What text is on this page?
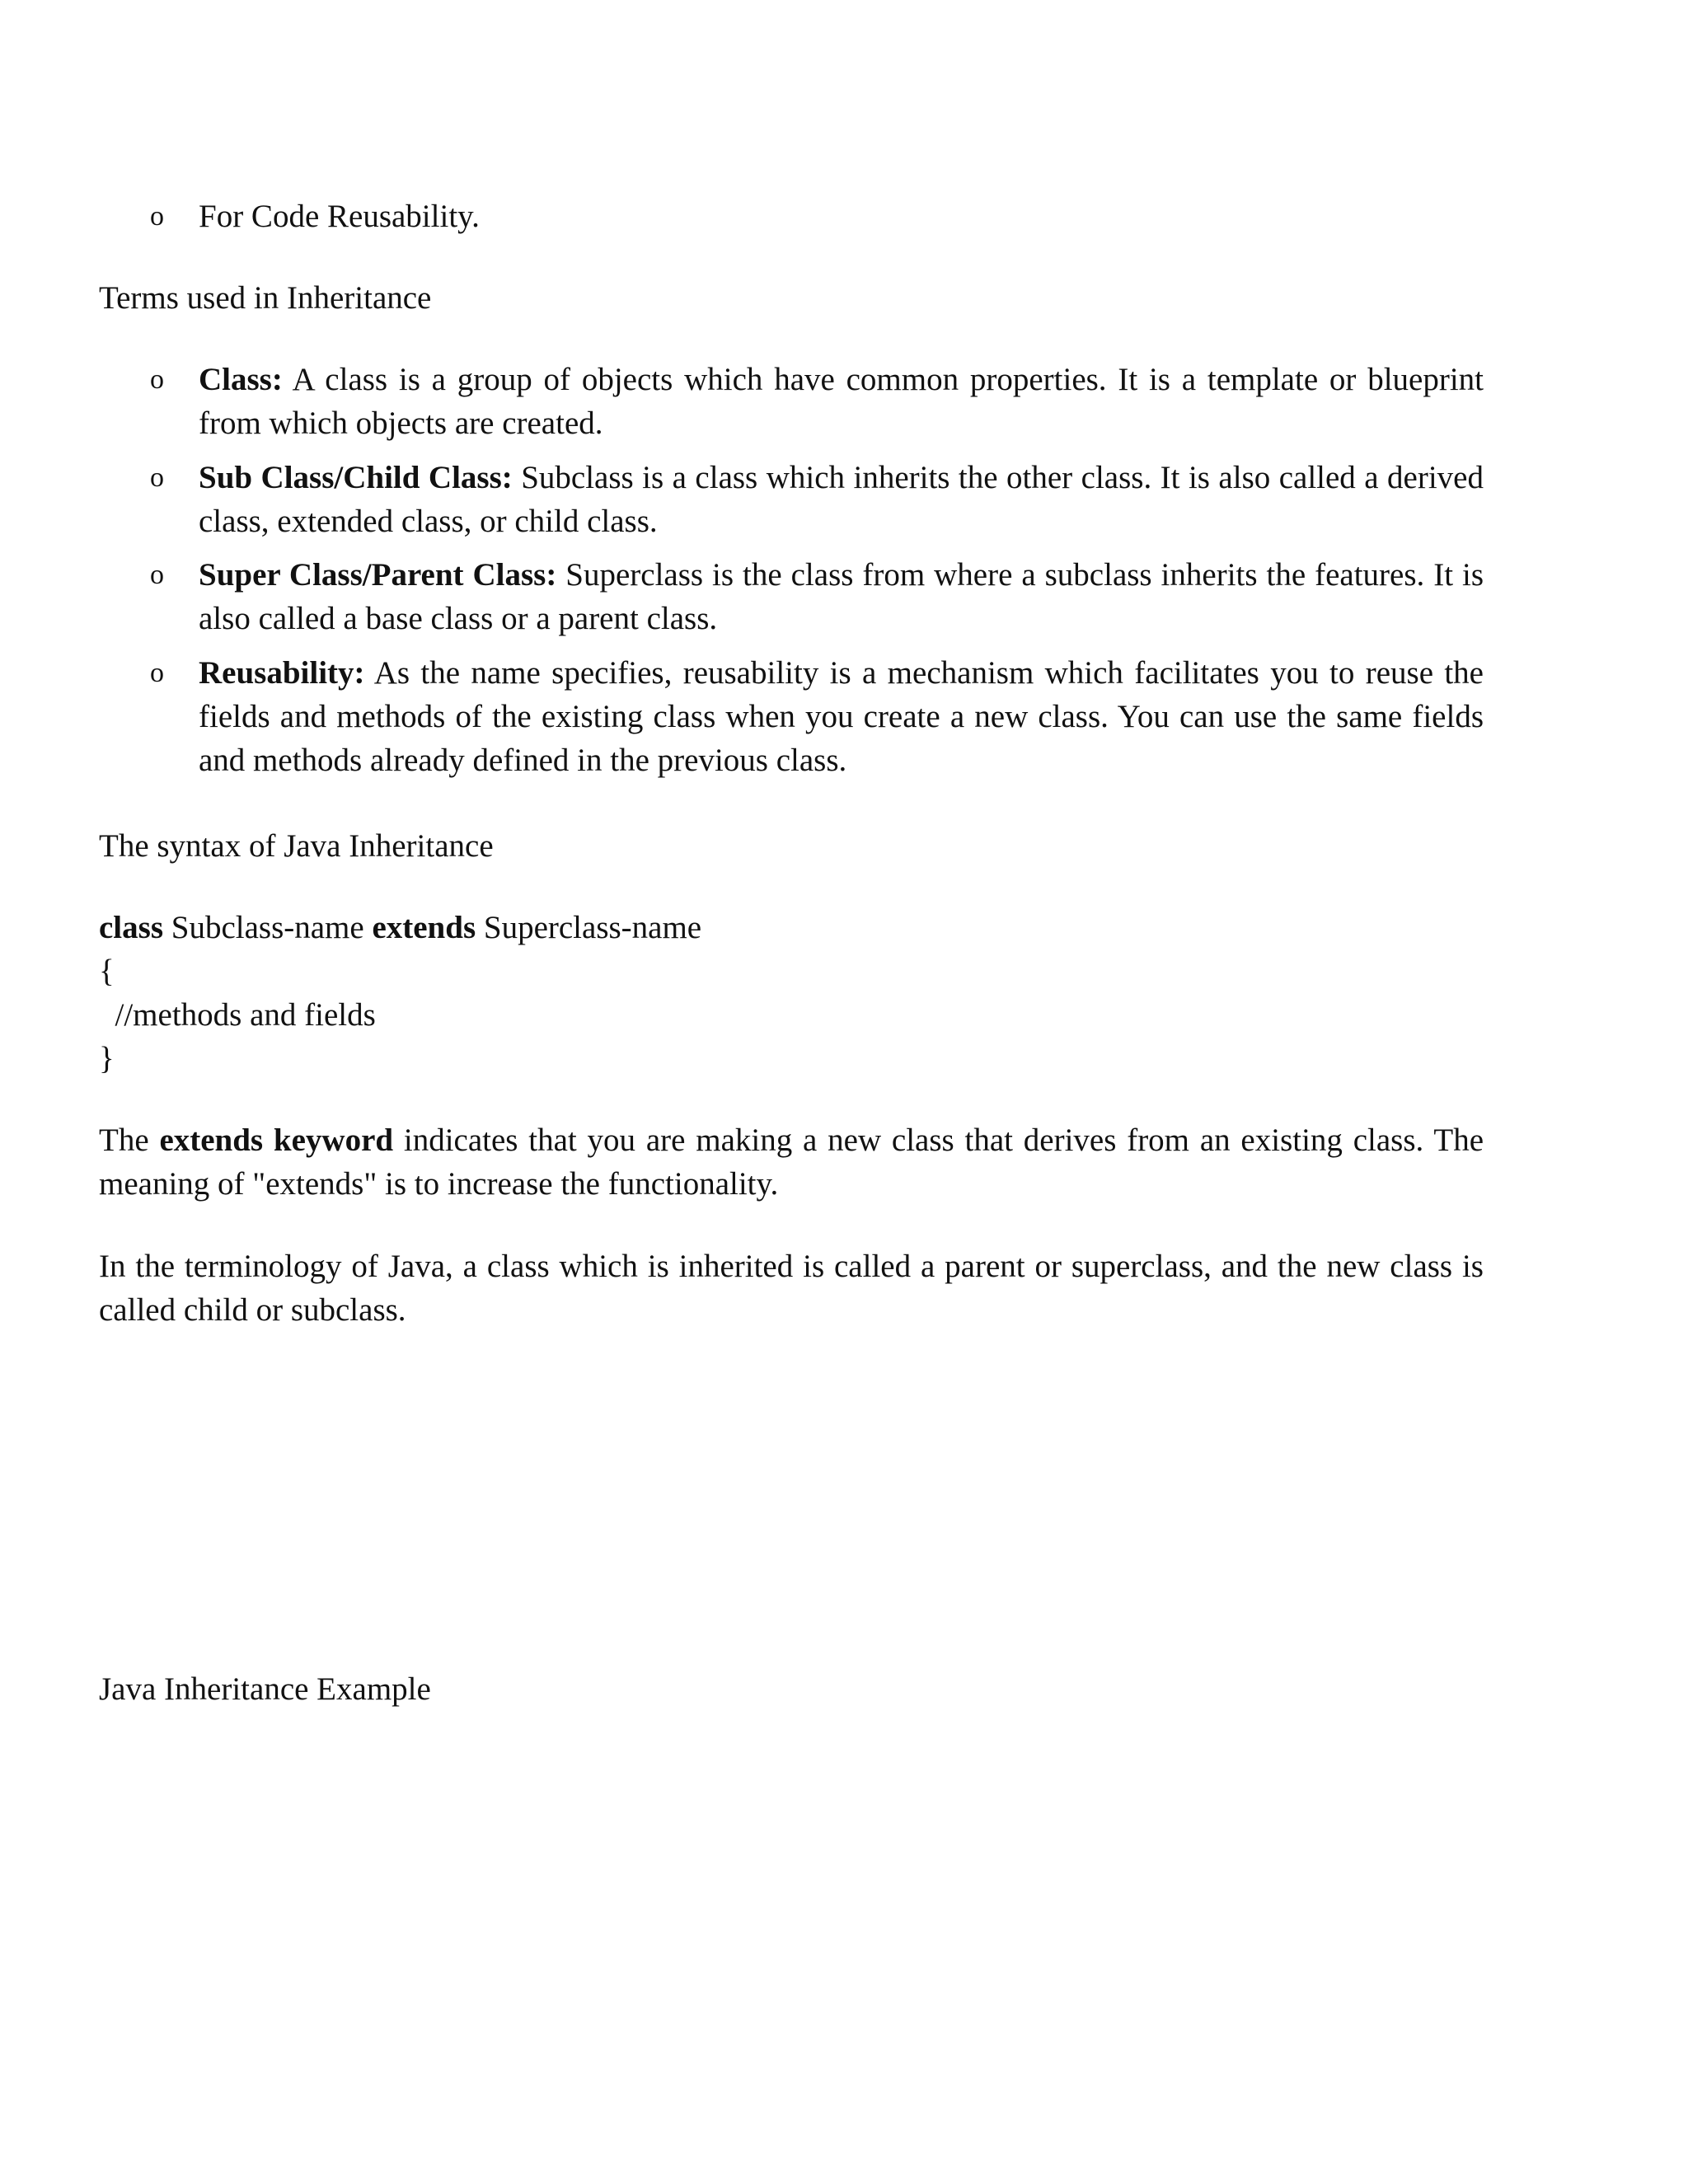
o For Code Reusability.

Terms used in Inheritance

o Class: A class is a group of objects which have common properties. It is a template or blueprint from which objects are created.
o Sub Class/Child Class: Subclass is a class which inherits the other class. It is also called a derived class, extended class, or child class.
o Super Class/Parent Class: Superclass is the class from where a subclass inherits the features. It is also called a base class or a parent class.
o Reusability: As the name specifies, reusability is a mechanism which facilitates you to reuse the fields and methods of the existing class when you create a new class. You can use the same fields and methods already defined in the previous class.

The syntax of Java Inheritance

class Subclass-name extends Superclass-name
{
//methods and fields
}

The extends keyword indicates that you are making a new class that derives from an existing class. The meaning of "extends" is to increase the functionality.

In the terminology of Java, a class which is inherited is called a parent or superclass, and the new class is called child or subclass.

Java Inheritance Example
